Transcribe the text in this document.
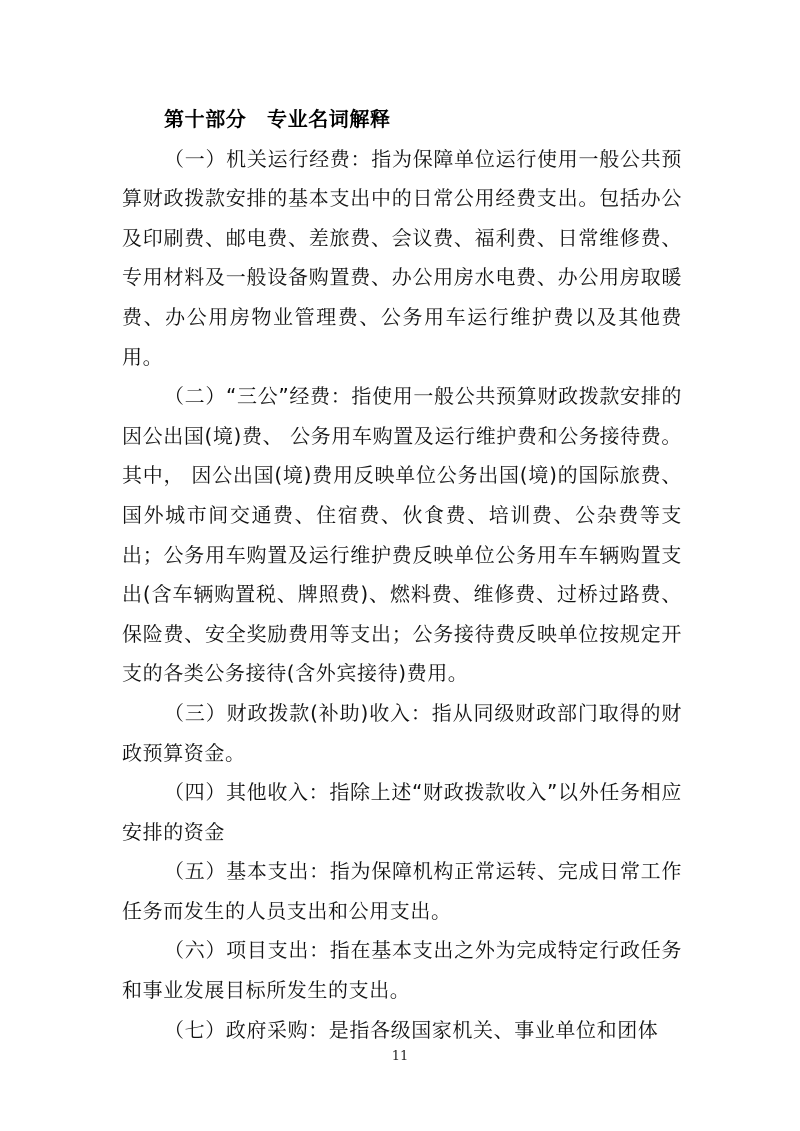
第十部分　专业名词解释

（一）机关运行经费：指为保障单位运行使用一般公共预算财政拨款安排的基本支出中的日常公用经费支出。包括办公及印刷费、邮电费、差旅费、会议费、福利费、日常维修费、专用材料及一般设备购置费、办公用房水电费、办公用房取暖费、办公用房物业管理费、公务用车运行维护费以及其他费用。

（二）“三公”经费：指使用一般公共预算财政拨款安排的因公出国(境)费、 公务用车购置及运行维护费和公务接待费。其中， 因公出国(境)费用反映单位公务出国(境)的国际旅费、国外城市间交通费、住宿费、伙食费、培训费、公杂费等支出；公务用车购置及运行维护费反映单位公务用车车辆购置支出(含车辆购置税、牌照费)、燃料费、维修费、过桥过路费、保险费、安全奖励费用等支出；公务接待费反映单位按规定开支的各类公务接待(含外宾接待)费用。

（三）财政拨款(补助)收入：指从同级财政部门取得的财政预算资金。

（四）其他收入：指除上述“财政拨款收入”以外任务相应安排的资金

（五）基本支出：指为保障机构正常运转、完成日常工作任务而发生的人员支出和公用支出。

（六）项目支出：指在基本支出之外为完成特定行政任务和事业发展目标所发生的支出。

（七）政府采购：是指各级国家机关、事业单位和团体

11
